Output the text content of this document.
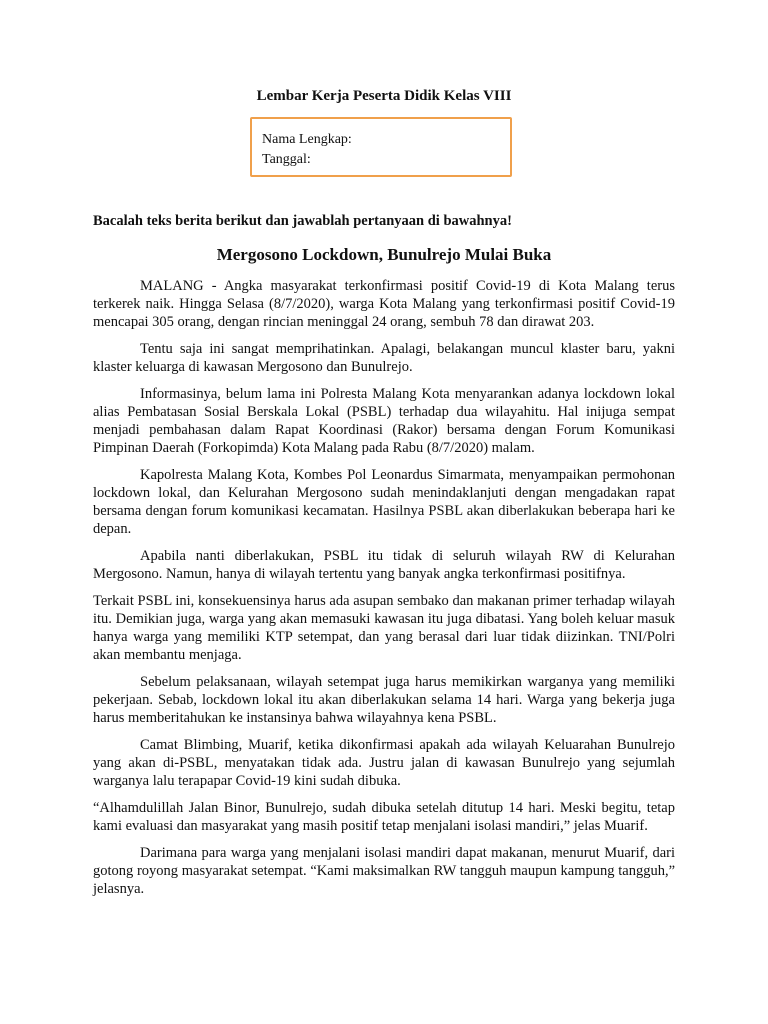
Lembar Kerja Peserta Didik Kelas VIII
Nama Lengkap:
Tanggal:
Bacalah teks berita berikut dan jawablah pertanyaan di bawahnya!
Mergosono Lockdown, Bunulrejo Mulai Buka

MALANG - Angka masyarakat terkonfirmasi positif Covid-19 di Kota Malang terus terkerek naik. Hingga Selasa (8/7/2020), warga Kota Malang yang terkonfirmasi positif Covid-19 mencapai 305 orang, dengan rincian meninggal 24 orang, sembuh 78 dan dirawat 203.

Tentu saja ini sangat memprihatinkan. Apalagi, belakangan muncul klaster baru, yakni klaster keluarga di kawasan Mergosono dan Bunulrejo.

Informasinya, belum lama ini Polresta Malang Kota menyarankan adanya lockdown lokal alias Pembatasan Sosial Berskala Lokal (PSBL) terhadap dua wilayahitu. Hal inijuga sempat menjadi pembahasan dalam Rapat Koordinasi (Rakor) bersama dengan Forum Komunikasi Pimpinan Daerah (Forkopimda) Kota Malang pada Rabu (8/7/2020) malam.

Kapolresta Malang Kota, Kombes Pol Leonardus Simarmata, menyampaikan permohonan lockdown lokal, dan Kelurahan Mergosono sudah menindaklanjuti dengan mengadakan rapat bersama dengan forum komunikasi kecamatan. Hasilnya PSBL akan diberlakukan beberapa hari ke depan.

Apabila nanti diberlakukan, PSBL itu tidak di seluruh wilayah RW di Kelurahan Mergosono. Namun, hanya di wilayah tertentu yang banyak angka terkonfirmasi positifnya.

Terkait PSBL ini, konsekuensinya harus ada asupan sembako dan makanan primer terhadap wilayah itu. Demikian juga, warga yang akan memasuki kawasan itu juga dibatasi. Yang boleh keluar masuk hanya warga yang memiliki KTP setempat, dan yang berasal dari luar tidak diizinkan. TNI/Polri akan membantu menjaga.

Sebelum pelaksanaan, wilayah setempat juga harus memikirkan warganya yang memiliki pekerjaan. Sebab, lockdown lokal itu akan diberlakukan selama 14 hari. Warga yang bekerja juga harus memberitahukan ke instansinya bahwa wilayahnya kena PSBL.

Camat Blimbing, Muarif, ketika dikonfirmasi apakah ada wilayah Keluarahan Bunulrejo yang akan di-PSBL, menyatakan tidak ada. Justru jalan di kawasan Bunulrejo yang sejumlah warganya lalu terapapar Covid-19 kini sudah dibuka.

“Alhamdulillah Jalan Binor, Bunulrejo, sudah dibuka setelah ditutup 14 hari. Meski begitu, tetap kami evaluasi dan masyarakat yang masih positif tetap menjalani isolasi mandiri,” jelas Muarif.

Darimana para warga yang menjalani isolasi mandiri dapat makanan, menurut Muarif, dari gotong royong masyarakat setempat. “Kami maksimalkan RW tangguh maupun kampung tangguh,” jelasnya.
